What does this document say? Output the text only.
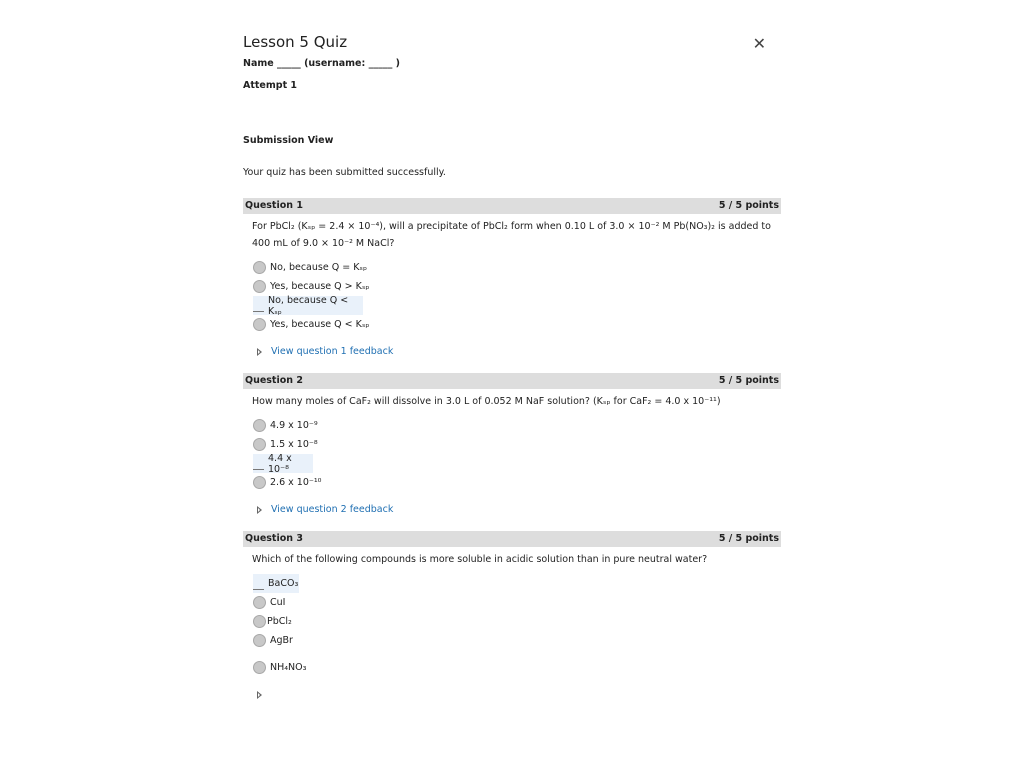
Lesson 5 Quiz	✕
Name _____ (username: _____ )
Attempt 1
Submission View
Your quiz has been submitted successfully.
Question 1	5 / 5 points
For PbCl₂ (Kₛₚ = 2.4 × 10⁻⁴), will a precipitate of PbCl₂ form when 0.10 L of 3.0 × 10⁻² M Pb(NO₃)₂ is added to 400 mL of 9.0 × 10⁻² M NaCl?
No, because Q = Kₛₚ
Yes, because Q > Kₛₚ
No, because Q < Kₛₚ
Yes, because Q < Kₛₚ
View question 1 feedback
Question 2	5 / 5 points
How many moles of CaF₂ will dissolve in 3.0 L of 0.052 M NaF solution? (Kₛₚ for CaF₂ = 4.0 x 10⁻¹¹)
4.9 x 10⁻⁹
1.5 x 10⁻⁸
4.4 x 10⁻⁸
2.6 x 10⁻¹⁰
View question 2 feedback
Question 3	5 / 5 points
Which of the following compounds is more soluble in acidic solution than in pure neutral water?
BaCO₃
CuI
PbCl₂
AgBr
NH₄NO₃
